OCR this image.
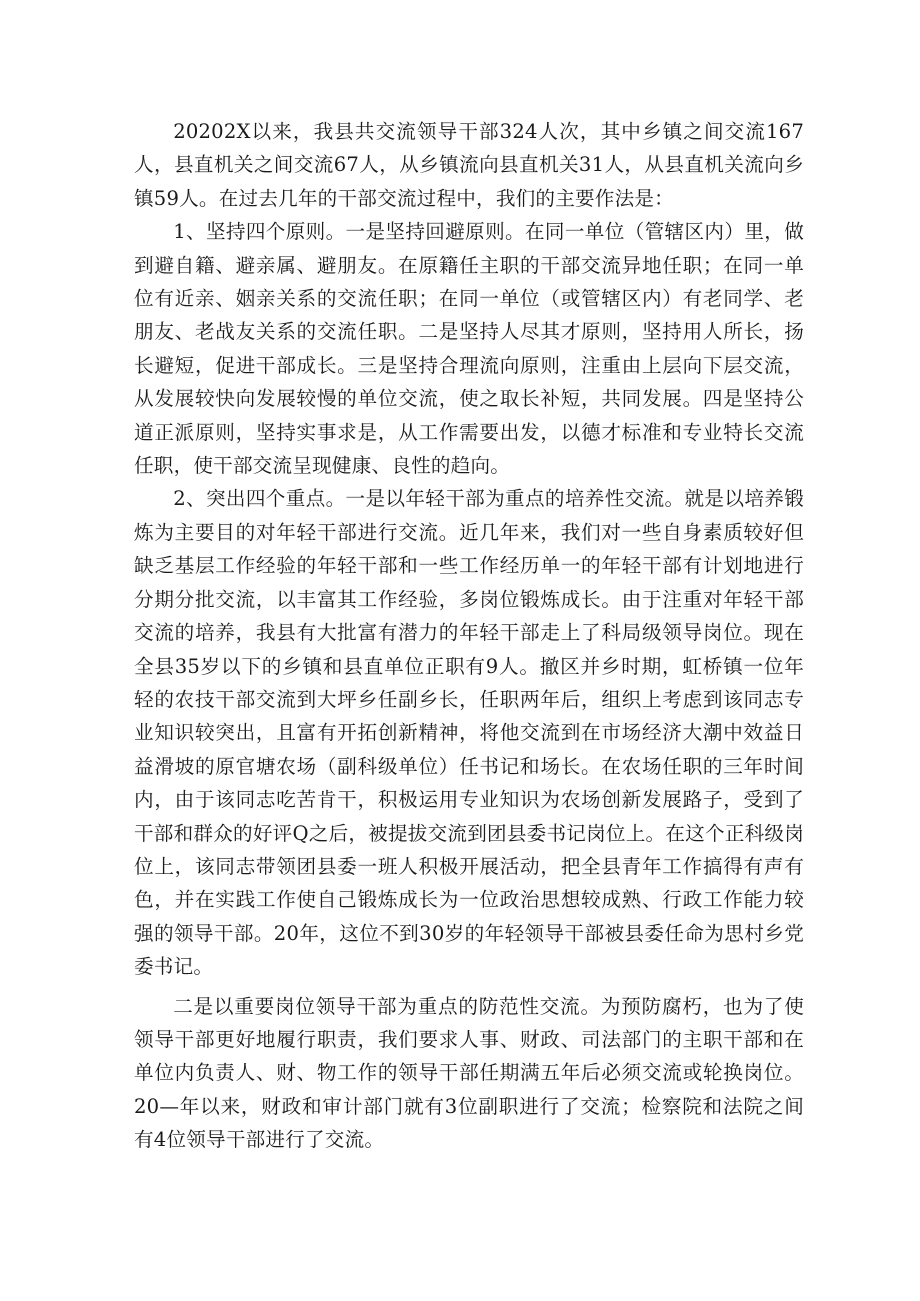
20202X以来，我县共交流领导干部324人次，其中乡镇之间交流167人，县直机关之间交流67人，从乡镇流向县直机关31人，从县直机关流向乡镇59人。在过去几年的干部交流过程中，我们的主要作法是：

1、坚持四个原则。一是坚持回避原则。在同一单位（管辖区内）里，做到避自籍、避亲属、避朋友。在原籍任主职的干部交流异地任职；在同一单位有近亲、姻亲关系的交流任职；在同一单位（或管辖区内）有老同学、老朋友、老战友关系的交流任职。二是坚持人尽其才原则，坚持用人所长，扬长避短，促进干部成长。三是坚持合理流向原则，注重由上层向下层交流，从发展较快向发展较慢的单位交流，使之取长补短，共同发展。四是坚持公道正派原则，坚持实事求是，从工作需要出发，以德才标准和专业特长交流任职，使干部交流呈现健康、良性的趋向。

2、突出四个重点。一是以年轻干部为重点的培养性交流。就是以培养锻炼为主要目的对年轻干部进行交流。近几年来，我们对一些自身素质较好但缺乏基层工作经验的年轻干部和一些工作经历单一的年轻干部有计划地进行分期分批交流，以丰富其工作经验，多岗位锻炼成长。由于注重对年轻干部交流的培养，我县有大批富有潜力的年轻干部走上了科局级领导岗位。现在全县35岁以下的乡镇和县直单位正职有9人。撤区并乡时期，虹桥镇一位年轻的农技干部交流到大坪乡任副乡长，任职两年后，组织上考虑到该同志专业知识较突出，且富有开拓创新精神，将他交流到在市场经济大潮中效益日益滑坡的原官塘农场（副科级单位）任书记和场长。在农场任职的三年时间内，由于该同志吃苦肯干，积极运用专业知识为农场创新发展路子，受到了干部和群众的好评Q之后，被提拔交流到团县委书记岗位上。在这个正科级岗位上，该同志带领团县委一班人积极开展活动，把全县青年工作搞得有声有色，并在实践工作使自己锻炼成长为一位政治思想较成熟、行政工作能力较强的领导干部。20年，这位不到30岁的年轻领导干部被县委任命为思村乡党委书记。

二是以重要岗位领导干部为重点的防范性交流。为预防腐朽，也为了使领导干部更好地履行职责，我们要求人事、财政、司法部门的主职干部和在单位内负责人、财、物工作的领导干部任期满五年后必须交流或轮换岗位。20—年以来，财政和审计部门就有3位副职进行了交流；检察院和法院之间有4位领导干部进行了交流。
